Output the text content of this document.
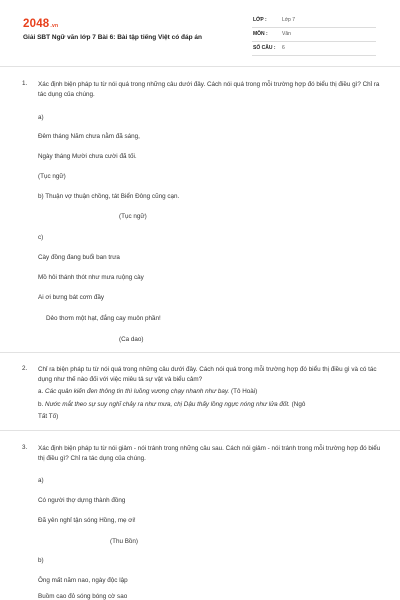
2048.vn
Giải SBT Ngữ văn lớp 7 Bài 6: Bài tập tiếng Việt có đáp án
LỚP :	Lớp 7
MÔN :	Văn
SỐ CÂU : 6
1. Xác định biện pháp tu từ nói quá trong những câu dưới đây. Cách nói quá trong mỗi trường hợp đó biểu thị điều gì? Chỉ ra tác dụng của chúng.
a)
Đêm tháng Năm chưa nằm đã sáng,
Ngày tháng Mười chưa cười đã tối.
(Tục ngữ)
b) Thuận vợ thuận chồng, tát Biển Đông cũng cạn.
(Tục ngữ)
c)
Cày đồng đang buổi ban trưa
Mồ hôi thánh thót như mưa ruộng cày
Ai ơi bưng bát cơm đầy
Dẻo thơm một hạt, đắng cay muôn phần!
(Ca dao)
2. Chỉ ra biện pháp tu từ nói quá trong những câu dưới đây. Cách nói quá trong mỗi trường hợp đó biểu thị điều gì và có tác dụng như thế nào đối với việc miêu tả sự vật và biểu cảm?
a. Các quân kiến đen thông tin thì luồng vương chạy nhanh như bay. (Tô Hoài)
b. Nước mắt theo sự suy nghĩ chảy ra như mưa, chị Dậu thấy lồng ngực nóng như lửa đốt. (Ngô
Tất Tố)
3. Xác định biện pháp tu từ nói giảm - nói tránh trong những câu sau. Cách nói giảm - nói tránh trong mỗi trường hợp đó biểu thị điều gì? Chỉ ra tác dụng của chúng.
a)
Có người thợ dựng thành đồng
Đã yên nghỉ tận sóng Hồng, mẹ ơi!
(Thu Bồn)
b)
Ông mất năm nao, ngày độc lập
Buồm cao đỏ sóng bóng cờ sao
